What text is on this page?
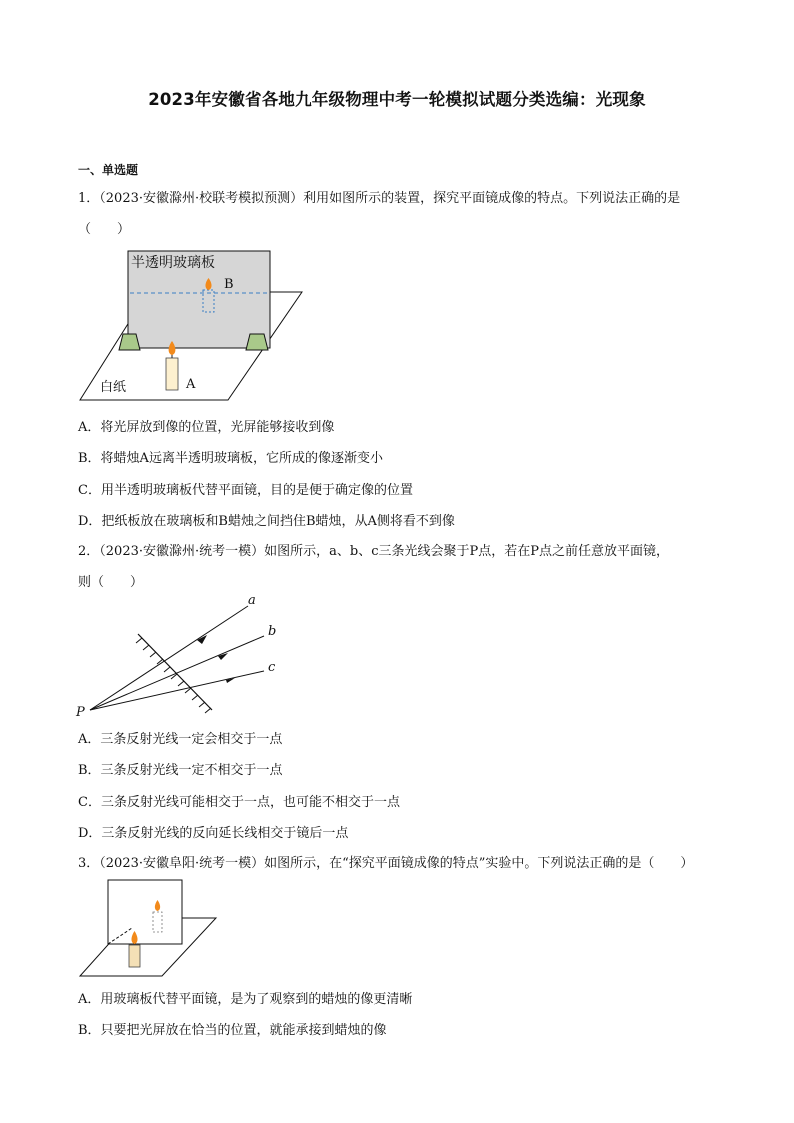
2023年安徽省各地九年级物理中考一轮模拟试题分类选编：光现象
一、单选题
1．（2023·安徽滁州·校联考模拟预测）利用如图所示的装置，探究平面镜成像的特点。下列说法正确的是
（　　）
半透明玻璃板
B
A
白纸
A．将光屏放到像的位置，光屏能够接收到像
B．将蜡烛A远离半透明玻璃板，它所成的像逐渐变小
C．用半透明玻璃板代替平面镜，目的是便于确定像的位置
D．把纸板放在玻璃板和B蜡烛之间挡住B蜡烛，从A侧将看不到像
2．（2023·安徽滁州·统考一模）如图所示，a、b、c三条光线会聚于P点，若在P点之前任意放平面镜，
则（　　）
a
b
c
P
A．三条反射光线一定会相交于一点
B．三条反射光线一定不相交于一点
C．三条反射光线可能相交于一点，也可能不相交于一点
D．三条反射光线的反向延长线相交于镜后一点
3．（2023·安徽阜阳·统考一模）如图所示，在“探究平面镜成像的特点”实验中。下列说法正确的是（　　）
A．用玻璃板代替平面镜，是为了观察到的蜡烛的像更清晰
B．只要把光屏放在恰当的位置，就能承接到蜡烛的像
